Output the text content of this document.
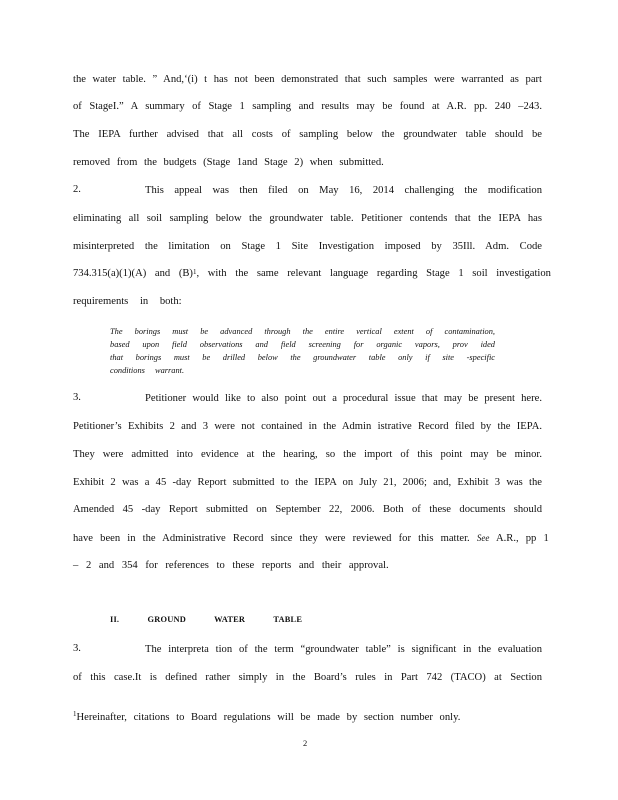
the water table. ” And,‘(i) t has not been demonstrated that such samples were warranted as part
of StageI.” A summary of Stage 1 sampling and results may be found at A.R. pp. 240 –243.
The IEPA further advised that all costs of sampling below the groundwater table should be
removed from the budgets (Stage 1and Stage 2) when submitted.
2.	This appeal was then filed on May 16, 2014 challenging the modification
eliminating all soil sampling below the groundwater table. Petitioner contends that the IEPA has
misinterpreted the limitation on Stage 1 Site Investigation imposed by 35Ill. Adm. Code
734.315(a)(1)(A) and $(B)^1$, with the same relevant language regarding Stage 1 soil investigation
requirements in both:
The borings must be advanced through the entire vertical extent of contamination,
based upon field observations and field screening for organic vapors, prov ided
that borings must be drilled below the groundwater table only if site -specific
conditions warrant.
3.	Petitioner would like to also point out a procedural issue that may be present here.
Petitioner’s Exhibits 2 and 3 were not contained in the Admin istrative Record filed by the IEPA.
They were admitted into evidence at the hearing, so the import of this point may be minor.
Exhibit 2 was a 45 -day Report submitted to the IEPA on July 21, 2006; and, Exhibit 3 was the
Amended 45 -day Report submitted on September 22, 2006. Both of these documents should
have been in the Administrative Record since they were reviewed for this matter. See A.R., pp 1
– 2 and 354 for references to these reports and their approval.
II.	GROUND	WATER	TABLE
3.	The interpreta tion of the term “groundwater table” is significant in the evaluation
of this case.It is defined rather simply in the Board’s rules in Part 742 (TACO) at Section
$^1$Hereinafter, citations to Board regulations will be made by section number only.
2
